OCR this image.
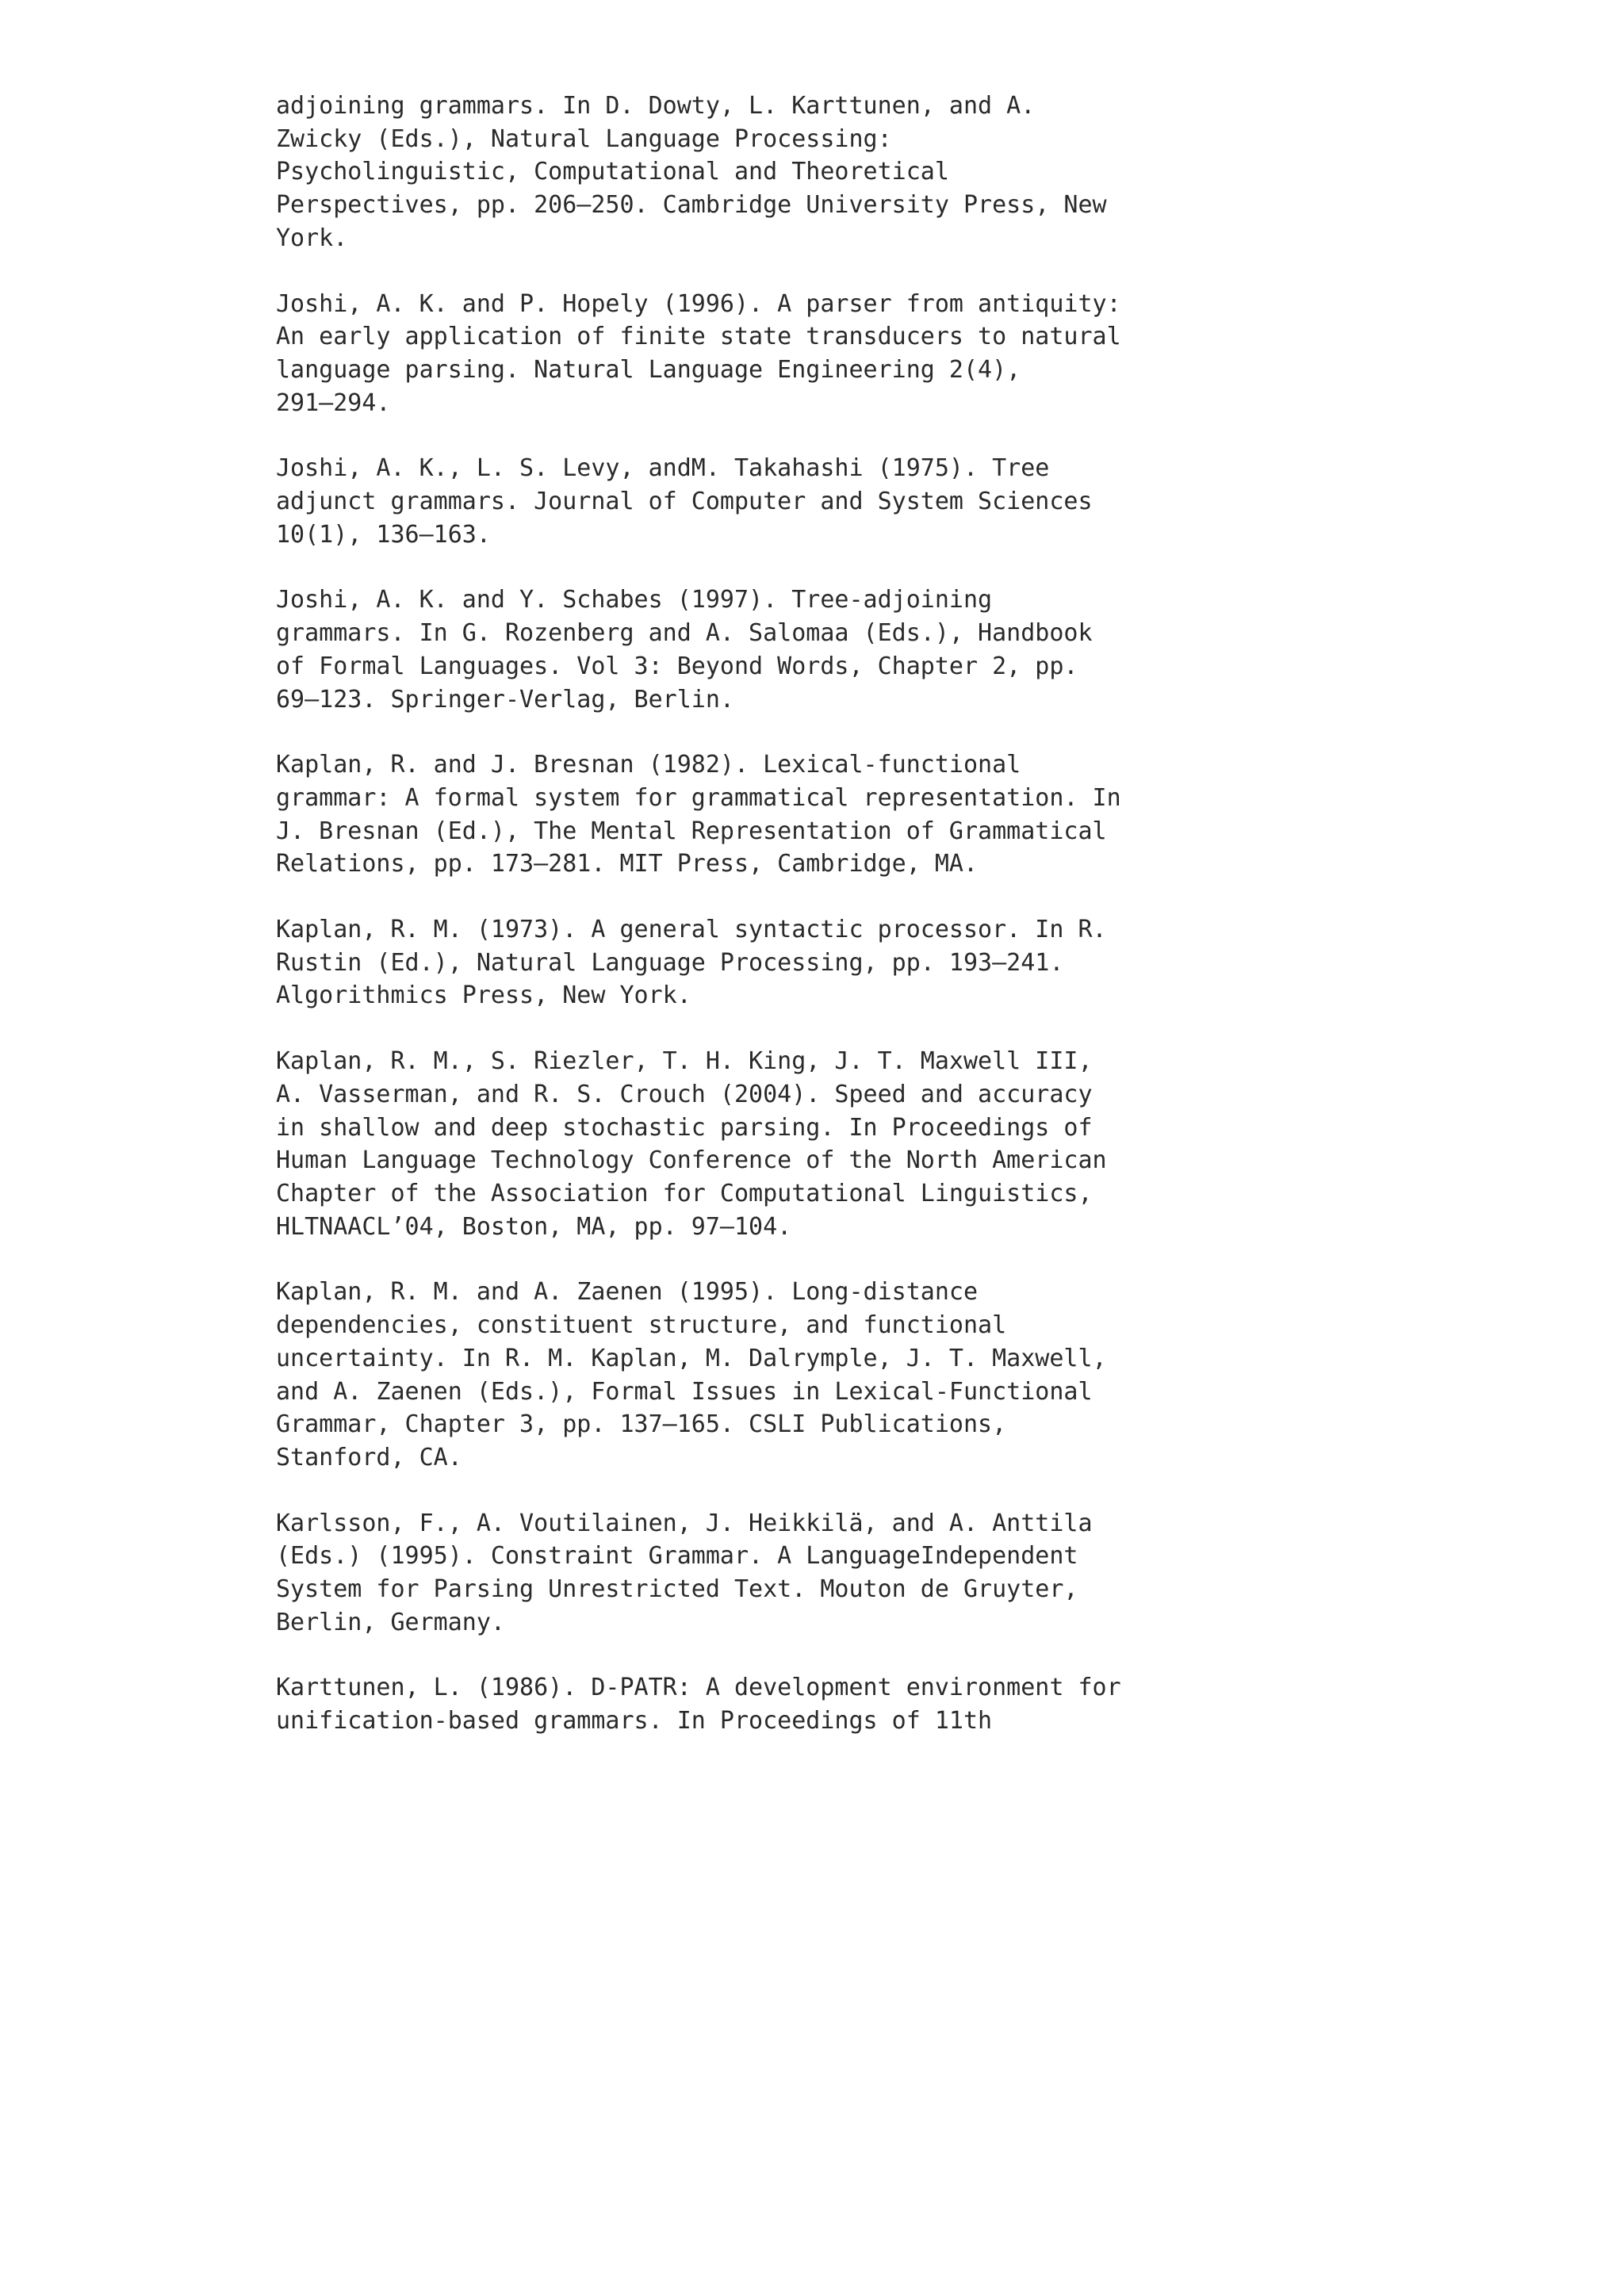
adjoining grammars. In D. Dowty, L. Karttunen, and A.
Zwicky (Eds.), Natural Language Processing:
Psycholinguistic, Computational and Theoretical
Perspectives, pp. 206–250. Cambridge University Press, New
York.
Joshi, A. K. and P. Hopely (1996). A parser from antiquity:
An early application of finite state transducers to natural
language parsing. Natural Language Engineering 2(4),
291–294.
Joshi, A. K., L. S. Levy, andM. Takahashi (1975). Tree
adjunct grammars. Journal of Computer and System Sciences
10(1), 136–163.
Joshi, A. K. and Y. Schabes (1997). Tree-adjoining
grammars. In G. Rozenberg and A. Salomaa (Eds.), Handbook
of Formal Languages. Vol 3: Beyond Words, Chapter 2, pp.
69–123. Springer-Verlag, Berlin.
Kaplan, R. and J. Bresnan (1982). Lexical-functional
grammar: A formal system for grammatical representation. In
J. Bresnan (Ed.), The Mental Representation of Grammatical
Relations, pp. 173–281. MIT Press, Cambridge, MA.
Kaplan, R. M. (1973). A general syntactic processor. In R.
Rustin (Ed.), Natural Language Processing, pp. 193–241.
Algorithmics Press, New York.
Kaplan, R. M., S. Riezler, T. H. King, J. T. Maxwell III,
A. Vasserman, and R. S. Crouch (2004). Speed and accuracy
in shallow and deep stochastic parsing. In Proceedings of
Human Language Technology Conference of the North American
Chapter of the Association for Computational Linguistics,
HLTNAACL’04, Boston, MA, pp. 97–104.
Kaplan, R. M. and A. Zaenen (1995). Long-distance
dependencies, constituent structure, and functional
uncertainty. In R. M. Kaplan, M. Dalrymple, J. T. Maxwell,
and A. Zaenen (Eds.), Formal Issues in Lexical-Functional
Grammar, Chapter 3, pp. 137–165. CSLI Publications,
Stanford, CA.
Karlsson, F., A. Voutilainen, J. Heikkilä, and A. Anttila
(Eds.) (1995). Constraint Grammar. A LanguageIndependent
System for Parsing Unrestricted Text. Mouton de Gruyter,
Berlin, Germany.
Karttunen, L. (1986). D-PATR: A development environment for
unification-based grammars. In Proceedings of 11th
